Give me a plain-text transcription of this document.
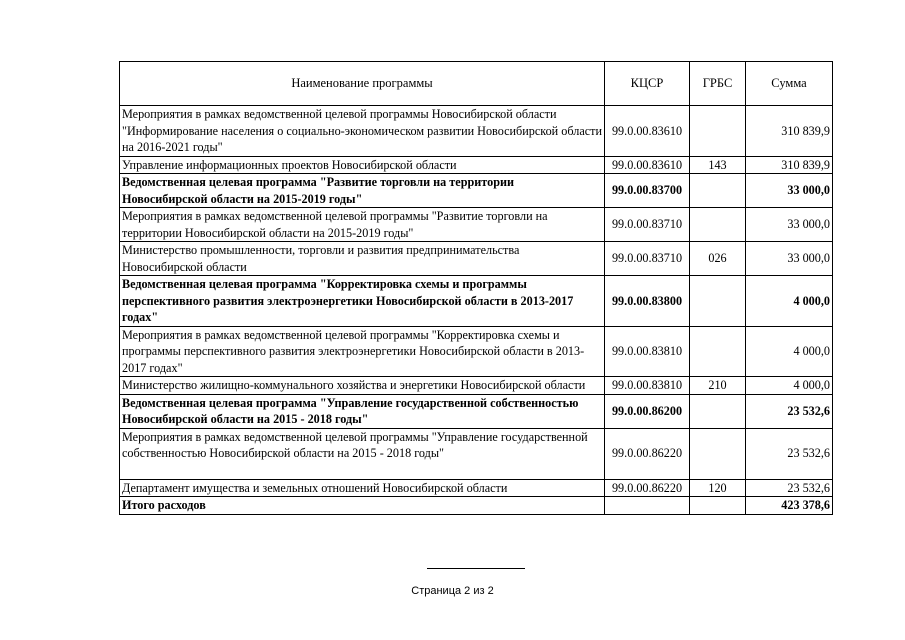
Наименование программы	КЦСР	ГРБС	Сумма
Мероприятия в рамках ведомственной целевой программы Новосибирской области "Информирование населения о социально-экономическом развитии Новосибирской области на 2016-2021 годы"	99.0.00.83610		310 839,9
Управление информационных проектов Новосибирской области	99.0.00.83610	143	310 839,9
Ведомственная целевая программа "Развитие торговли на территории Новосибирской области на 2015-2019 годы"	99.0.00.83700		33 000,0
Мероприятия в рамках ведомственной целевой программы "Развитие торговли на территории Новосибирской области на 2015-2019 годы"	99.0.00.83710		33 000,0
Министерство промышленности, торговли и развития предпринимательства Новосибирской области	99.0.00.83710	026	33 000,0
Ведомственная целевая программа "Корректировка схемы и программы перспективного развития электроэнергетики Новосибирской области в 2013-2017 годах"	99.0.00.83800		4 000,0
Мероприятия в рамках ведомственной целевой программы "Корректировка схемы и программы перспективного развития электроэнергетики Новосибирской области в 2013-2017 годах"	99.0.00.83810		4 000,0
Министерство жилищно-коммунального хозяйства и энергетики Новосибирской области	99.0.00.83810	210	4 000,0
Ведомственная целевая программа "Управление государственной собственностью Новосибирской области на 2015 - 2018 годы"	99.0.00.86200		23 532,6
Мероприятия в рамках ведомственной целевой программы "Управление государственной собственностью Новосибирской области на 2015 - 2018 годы"	99.0.00.86220		23 532,6
Департамент имущества и земельных отношений Новосибирской области	99.0.00.86220	120	23 532,6
Итого расходов			423 378,6
Страница 2 из 2
